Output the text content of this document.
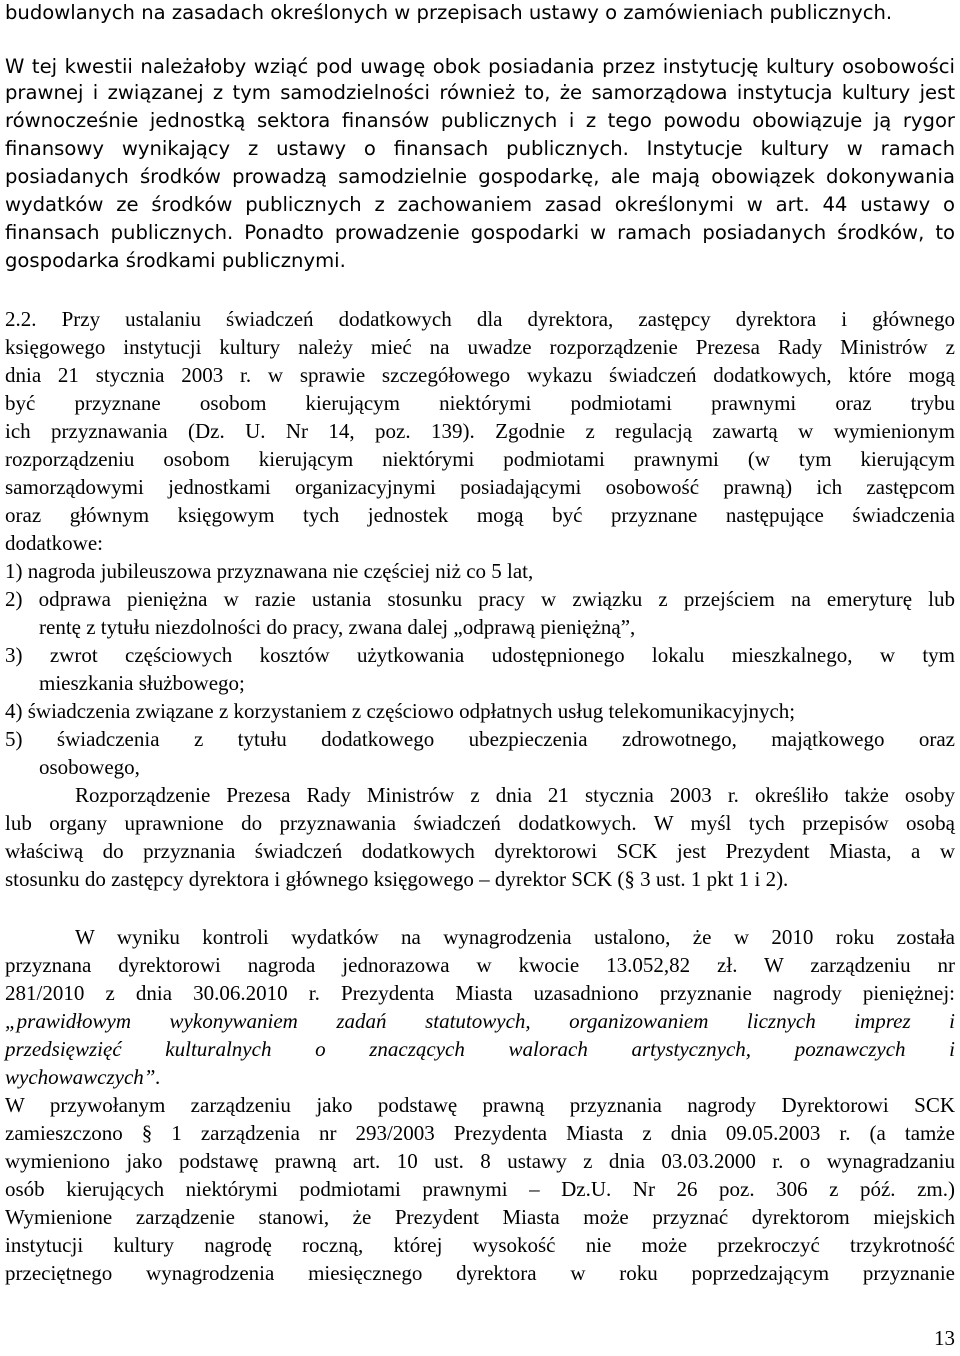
13
budowlanych na zasadach określonych w przepisach ustawy o zamówieniach publicznych.
W tej kwestii należałoby wziąć pod uwagę obok posiadania przez instytucję kultury osobowości
prawnej i związanej z tym samodzielności również to, że samorządowa instytucja kultury jest
równocześnie jednostką sektora finansów publicznych i z tego powodu obowiązuje ją rygor
finansowy wynikający z ustawy o finansach publicznych. Instytucje kultury w ramach
posiadanych środków prowadzą samodzielnie gospodarkę, ale mają obowiązek dokonywania
wydatków ze środków publicznych z zachowaniem zasad określonymi w art. 44 ustawy o
finansach publicznych. Ponadto prowadzenie gospodarki w ramach posiadanych środków, to
gospodarka środkami publicznymi.
2.2. Przy ustalaniu świadczeń dodatkowych dla dyrektora, zastępcy dyrektora i głównego
księgowego instytucji kultury należy mieć na uwadze rozporządzenie Prezesa Rady Ministrów z
dnia 21 stycznia 2003 r. w sprawie szczegółowego wykazu świadczeń dodatkowych, które mogą
być przyznane osobom kierującym niektórymi podmiotami prawnymi oraz trybu
ich przyznawania (Dz. U. Nr 14, poz. 139). Zgodnie z regulacją zawartą w wymienionym
rozporządzeniu osobom kierującym niektórymi podmiotami prawnymi (w tym kierującym
samorządowymi jednostkami organizacyjnymi posiadającymi osobowość prawną) ich zastępcom
oraz głównym księgowym tych jednostek mogą być przyznane następujące świadczenia
dodatkowe:
1) nagroda jubileuszowa przyznawana nie częściej niż co 5 lat,
2) odprawa pieniężna w razie ustania stosunku pracy w związku z przejściem na emeryturę lub
rentę z tytułu niezdolności do pracy, zwana dalej „odprawą pieniężną”,
3) zwrot częściowych kosztów użytkowania udostępnionego lokalu mieszkalnego, w tym
mieszkania służbowego;
4) świadczenia związane z korzystaniem z częściowo odpłatnych usług telekomunikacyjnych;
5) świadczenia z tytułu dodatkowego ubezpieczenia zdrowotnego, majątkowego oraz
osobowego,
Rozporządzenie Prezesa Rady Ministrów z dnia 21 stycznia 2003 r. określiło także osoby
lub organy uprawnione do przyznawania świadczeń dodatkowych. W myśl tych przepisów osobą
właściwą do przyznania świadczeń dodatkowych dyrektorowi SCK jest Prezydent Miasta, a w
stosunku do zastępcy dyrektora i głównego księgowego – dyrektor SCK (§ 3 ust. 1 pkt 1 i 2).
W wyniku kontroli wydatków na wynagrodzenia ustalono, że w 2010 roku została
przyznana dyrektorowi nagroda jednorazowa w kwocie 13.052,82 zł. W zarządzeniu nr
281/2010 z dnia 30.06.2010 r. Prezydenta Miasta uzasadniono przyznanie nagrody pieniężnej:
„prawidłowym wykonywaniem zadań statutowych, organizowaniem licznych imprez i
przedsięwzięć kulturalnych o znaczących walorach artystycznych, poznawczych i
wychowawczych”.
W przywołanym zarządzeniu jako podstawę prawną przyznania nagrody Dyrektorowi SCK
zamieszczono § 1 zarządzenia nr 293/2003 Prezydenta Miasta z dnia 09.05.2003 r. (a tamże
wymieniono jako podstawę prawną art. 10 ust. 8 ustawy z dnia 03.03.2000 r. o wynagradzaniu
osób kierujących niektórymi podmiotami prawnymi – Dz.U. Nr 26 poz. 306 z póź. zm.)
Wymienione zarządzenie stanowi, że Prezydent Miasta może przyznać dyrektorom miejskich
instytucji kultury nagrodę roczną, której wysokość nie może przekroczyć trzykrotność
przeciętnego wynagrodzenia miesięcznego dyrektora w roku poprzedzającym przyznanie
